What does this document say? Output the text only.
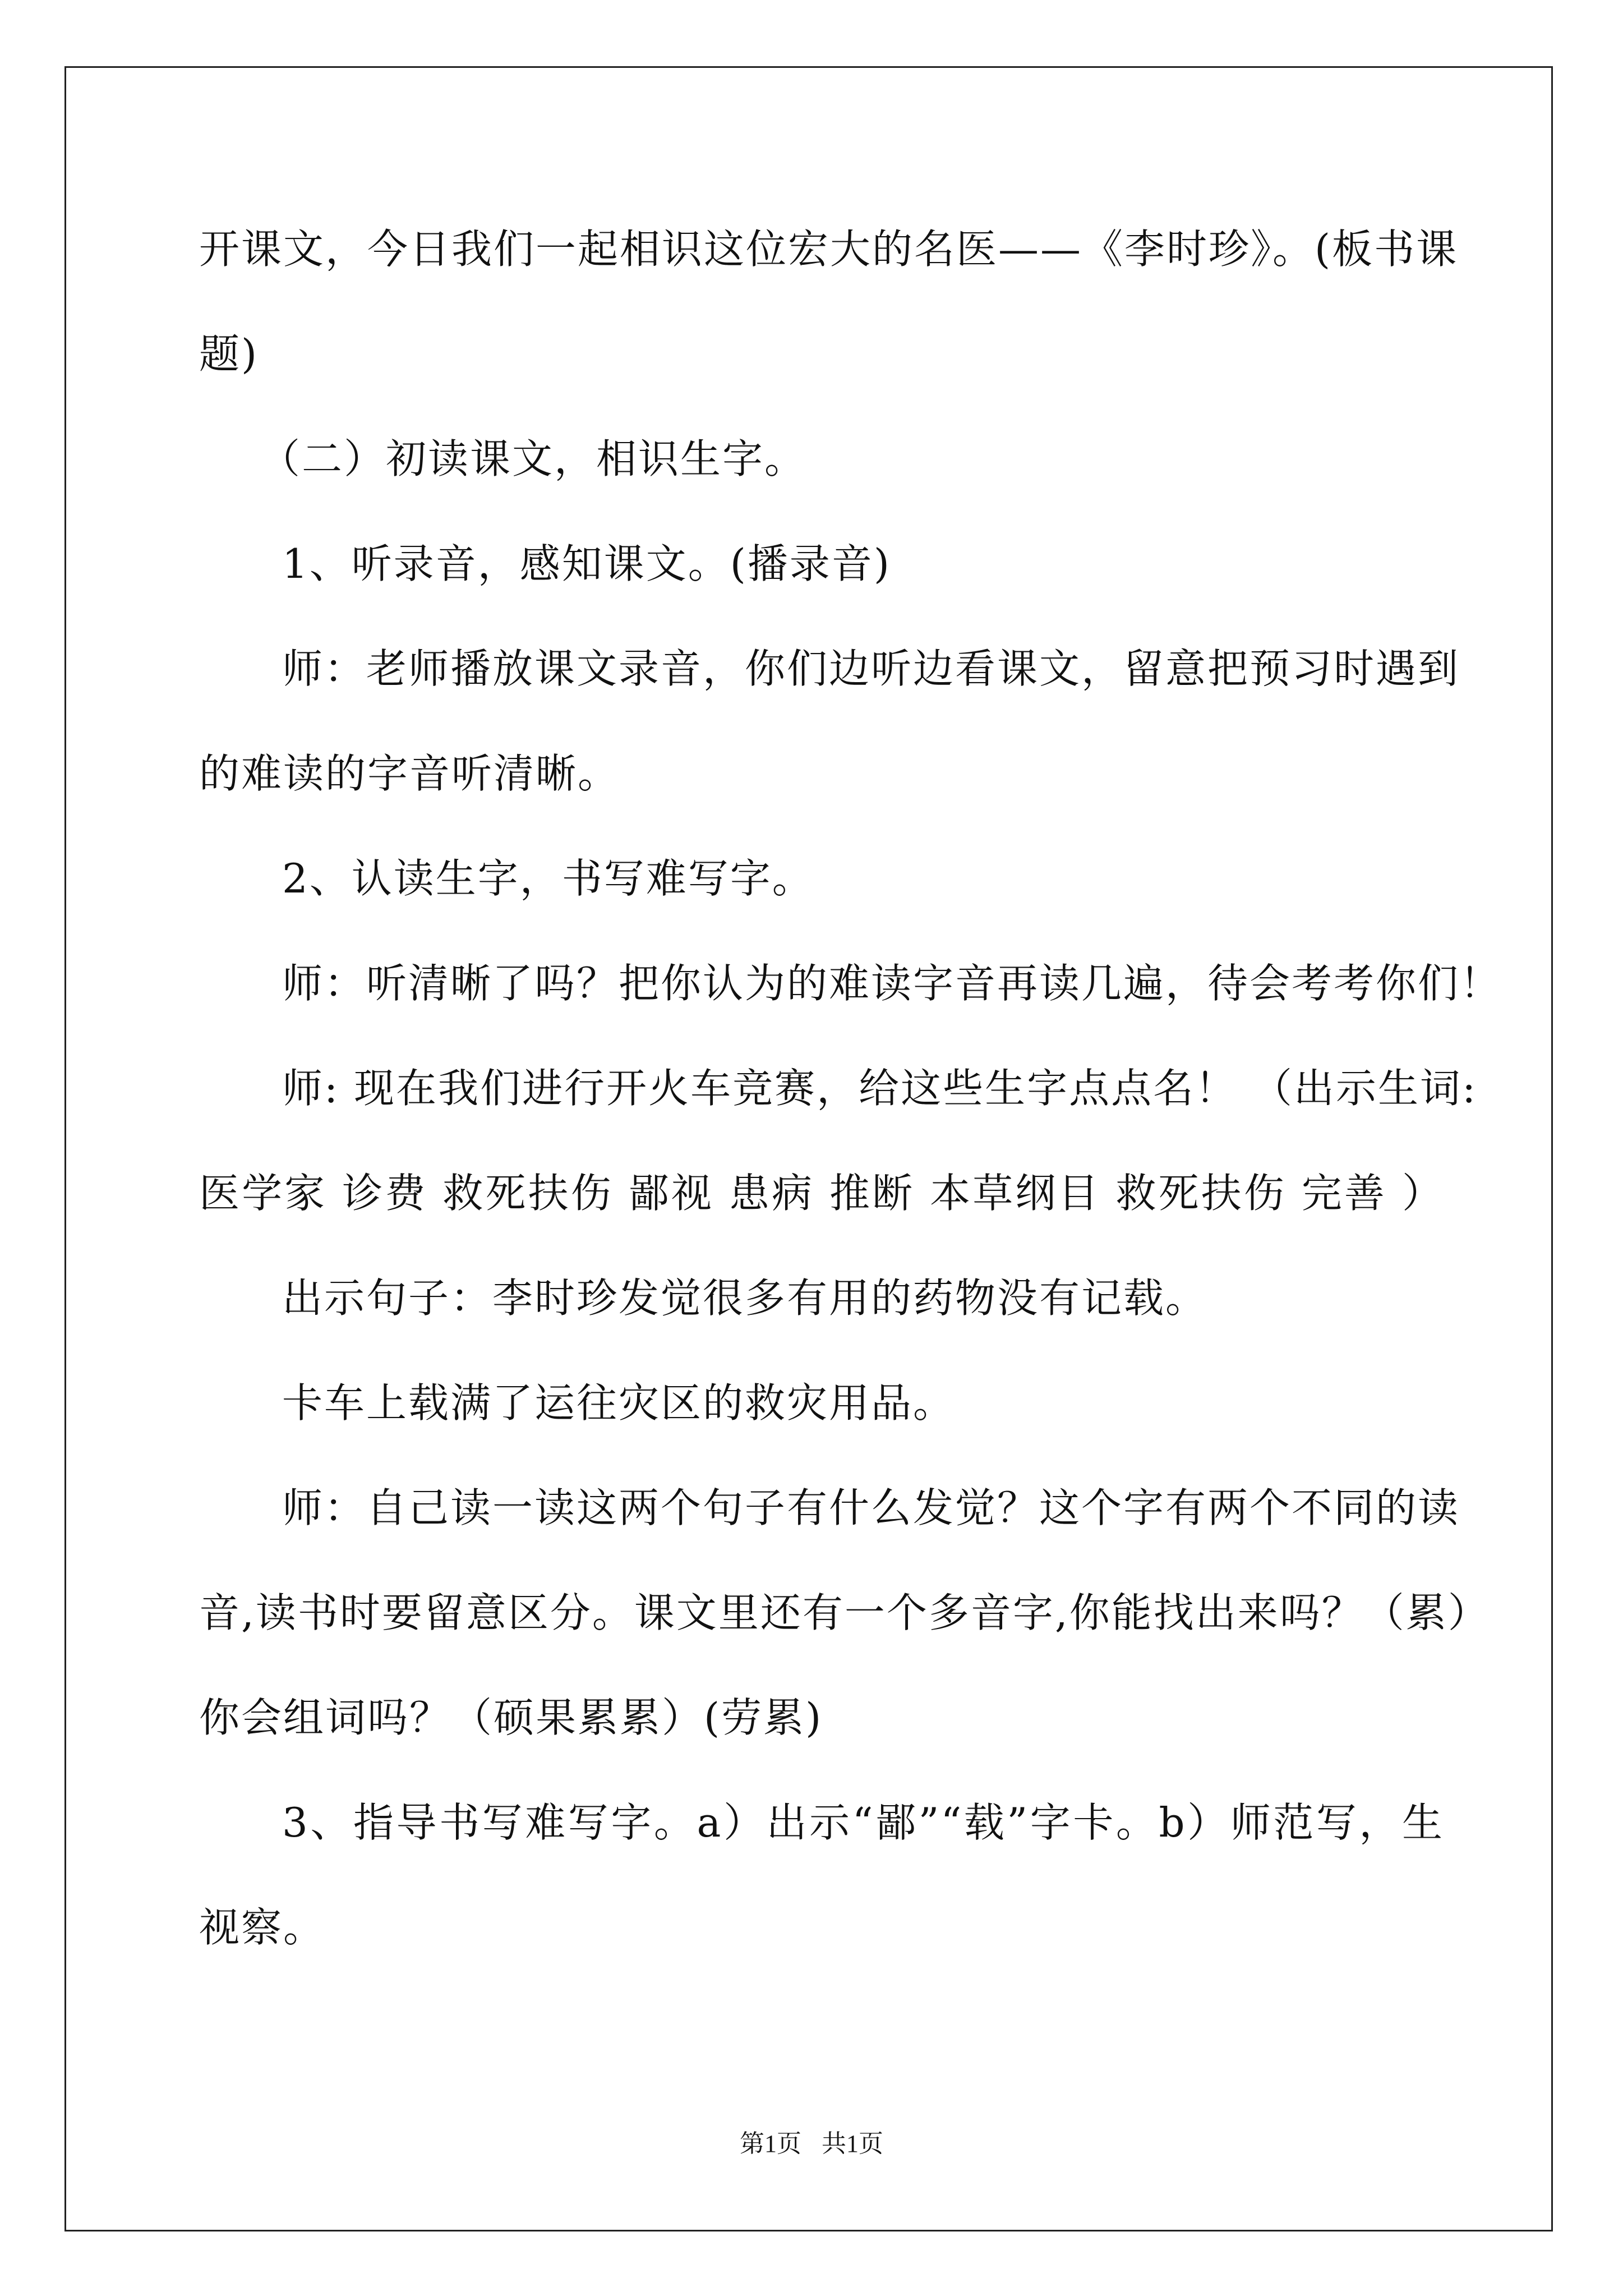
开课文，今日我们一起相识这位宏大的名医——《李时珍》。(板书课
题)
（二）初读课文，相识生字。
1、听录音，感知课文。(播录音)
师：老师播放课文录音，你们边听边看课文，留意把预习时遇到
的难读的字音听清晰。
2、认读生字，书写难写字。
师：听清晰了吗？把你认为的难读字音再读几遍，待会考考你们！
师: 现在我们进行开火车竞赛，给这些生字点点名！ （出示生词:
医学家 诊费 救死扶伤 鄙视 患病 推断 本草纲目 救死扶伤 完善 ）
出示句子：李时珍发觉很多有用的药物没有记载。
卡车上载满了运往灾区的救灾用品。
师：自己读一读这两个句子有什么发觉？这个字有两个不同的读
音,读书时要留意区分。课文里还有一个多音字,你能找出来吗？（累）
你会组词吗？（硕果累累）(劳累)
3、指导书写难写字。a）出示“鄙”“载”字卡。b）师范写，生
视察。
第1页 共1页
